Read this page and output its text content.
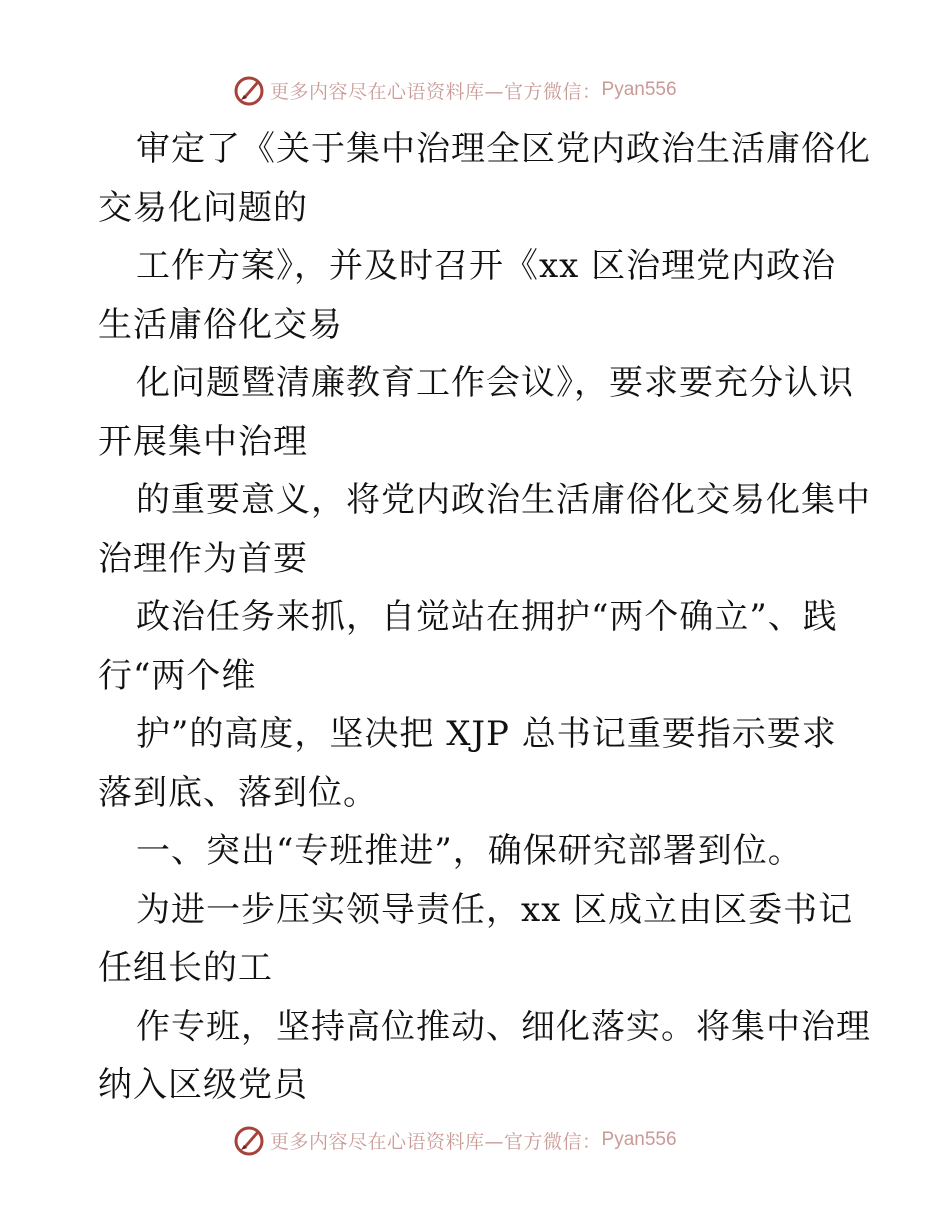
更多内容尽在心语资料库—官方微信： Pyan556
审定了《关于集中治理全区党内政治生活庸俗化
交易化问题的
工作方案》，并及时召开《xx 区治理党内政治
生活庸俗化交易
化问题暨清廉教育工作会议》，要求要充分认识
开展集中治理
的重要意义，将党内政治生活庸俗化交易化集中
治理作为首要
政治任务来抓，自觉站在拥护“两个确立”、践
行“两个维
护”的高度，坚决把 XJP 总书记重要指示要求
落到底、落到位。
一、突出“专班推进”，确保研究部署到位。
为进一步压实领导责任，xx 区成立由区委书记
任组长的工
作专班，坚持高位推动、细化落实。将集中治理
纳入区级党员
更多内容尽在心语资料库—官方微信： Pyan556
